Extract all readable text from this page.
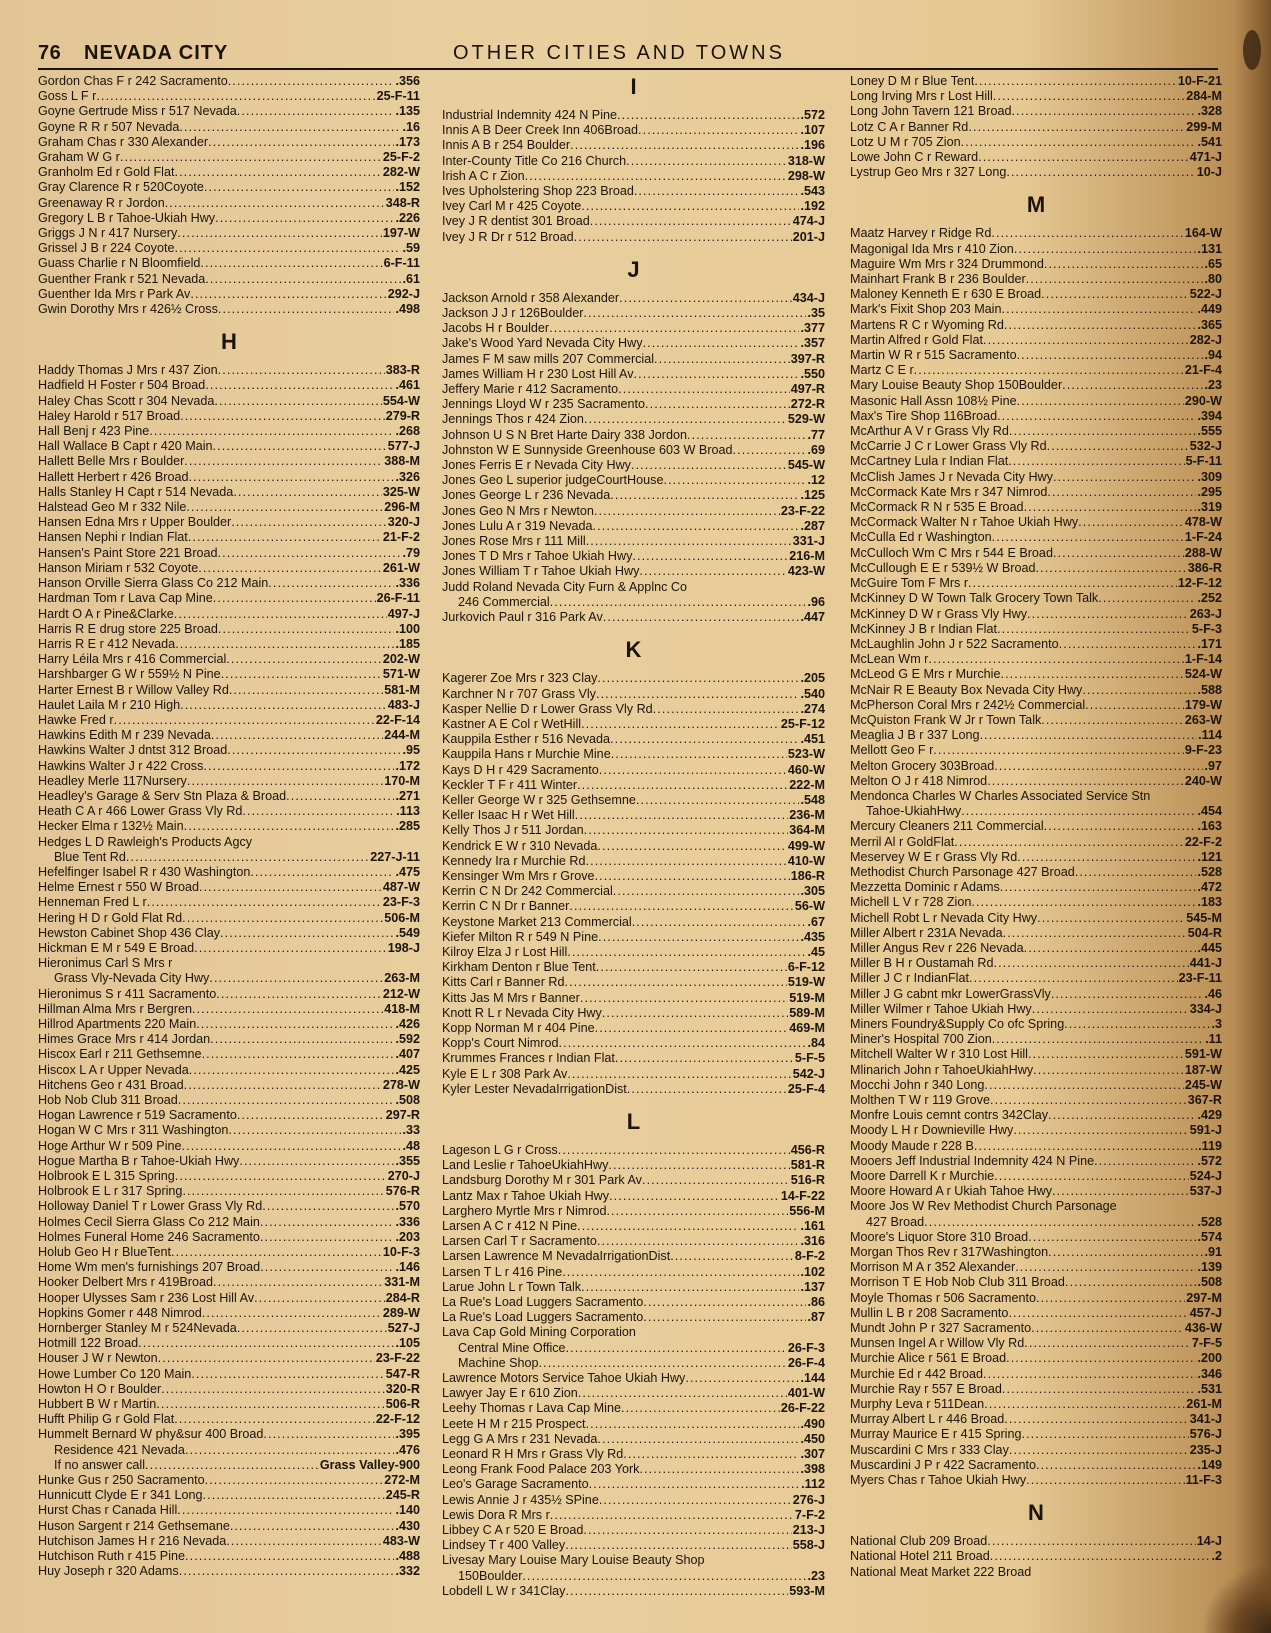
76 NEVADA CITY	OTHER CITIES AND TOWNS
Gordon Chas F r 242 Sacramento . . .	.356
Goss L F r . . .	25-F-11
Goyne Gertrude Miss r 517 Nevada . . .	.135
Goyne R R r 507 Nevada . . .	.16
Graham Chas r 330 Alexander . . .	.173
Graham W G r . . .	25-F-2
Granholm Ed r Gold Flat . . .	282-W
Gray Clarence R r 520Coyote . . .	.152
Greenaway R r Jordon . . .	348-R
Gregory L B r Tahoe-Ukiah Hwy . . .	.226
Griggs J N r 417 Nursery . . .	197-W
Grissel J B r 224 Coyote . . .	.59
Guass Charlie r N Bloomfield . . .	6-F-11
Guenther Frank r 521 Nevada . . .	.61
Guenther Ida Mrs r Park Av . . .	292-J
Gwin Dorothy Mrs r 426½ Cross . . .	.498
H
Haddy Thomas J Mrs r 437 Zion . . .	383-R
Hadfield H Foster r 504 Broad . . .	.461
Haley Chas Scott r 304 Nevada . . .	554-W
Haley Harold r 517 Broad . . .	279-R
Hall Benj r 423 Pine . . .	.268
Hall Wallace B Capt r 420 Main . . .	577-J
Hallett Belle Mrs r Boulder . . .	388-M
Hallett Herbert r 426 Broad . . .	.326
Halls Stanley H Capt r 514 Nevada . . .	325-W
Halstead Geo M r 332 Nile . . .	296-M
Hansen Edna Mrs r Upper Boulder . . .	320-J
Hansen Nephi r Indian Flat . . .	21-F-2
Hansen's Paint Store 221 Broad . . .	.79
Hanson Miriam r 532 Coyote . . .	261-W
Hanson Orville Sierra Glass Co 212 Main . . .	.336
Hardman Tom r Lava Cap Mine . . .	26-F-11
Hardt O A r Pine&Clarke . . .	497-J
Harris R E drug store 225 Broad . . .	.100
Harris R E r 412 Nevada . . .	.185
Harry Léila Mrs r 416 Commercial . . .	202-W
Harshbarger G W r 559½ N Pine . . .	571-W
Harter Ernest B r Willow Valley Rd . . .	581-M
Haulet Laila M r 210 High . . .	483-J
Hawke Fred r . . .	22-F-14
Hawkins Edith M r 239 Nevada . . .	244-M
Hawkins Walter J dntst 312 Broad . . .	.95
Hawkins Walter J r 422 Cross . . .	.172
Headley Merle 117Nursery . . .	170-M
Headley's Garage & Serv Stn Plaza & Broad . . .	.271
Heath C A r 466 Lower Grass Vly Rd . . .	.113
Hecker Elma r 132½ Main . . .	.285
Hedges L D Rawleigh's Products Agcy
Blue Tent Rd . . .	227-J-11
Hefelfinger Isabel R r 430 Washington . . .	.475
Helme Ernest r 550 W Broad . . .	487-W
Henneman Fred L r . . .	23-F-3
Hering H D r Gold Flat Rd . . .	506-M
Hewston Cabinet Shop 436 Clay . . .	.549
Hickman E M r 549 E Broad . . .	198-J
Hieronimus Carl S Mrs r
Grass Vly-Nevada City Hwy . . .	263-M
Hieronimus S r 411 Sacramento . . .	212-W
Hillman Alma Mrs r Bergren . . .	418-M
Hillrod Apartments 220 Main . . .	.426
Himes Grace Mrs r 414 Jordan . . .	.592
Hiscox Earl r 211 Gethsemne . . .	.407
Hiscox L A r Upper Nevada . . .	.425
Hitchens Geo r 431 Broad . . .	278-W
Hob Nob Club 311 Broad . . .	.508
Hogan Lawrence r 519 Sacramento . . .	297-R
Hogan W C Mrs r 311 Washington . . .	.33
Hoge Arthur W r 509 Pine . . .	.48
Hogue Martha B r Tahoe-Ukiah Hwy . . .	.355
Holbrook E L 315 Spring . . .	270-J
Holbrook E L r 317 Spring . . .	576-R
Holloway Daniel T r Lower Grass Vly Rd . . .	.570
Holmes Cecil Sierra Glass Co 212 Main . . .	.336
Holmes Funeral Home 246 Sacramento . . .	.203
Holub Geo H r BlueTent . . .	10-F-3
Home Wm men's furnishings 207 Broad . . .	.146
Hooker Delbert Mrs r 419Broad . . .	331-M
Hooper Ulysses Sam r 236 Lost Hill Av . . .	284-R
Hopkins Gomer r 448 Nimrod . . .	289-W
Hornberger Stanley M r 524Nevada . . .	527-J
Hotmill 122 Broad . . .	.105
Houser J W r Newton . . .	23-F-22
Howe Lumber Co 120 Main . . .	547-R
Howton H O r Boulder . . .	320-R
Hubbert B W r Martin . . .	506-R
Hufft Philip G r Gold Flat . . .	22-F-12
Hummelt Bernard W phy&sur 400 Broad . . .	.395
Residence 421 Nevada . . .	.476
If no answer call . . .	Grass Valley-900
Hunke Gus r 250 Sacramento . . .	272-M
Hunnicutt Clyde E r 341 Long . . .	245-R
Hurst Chas r Canada Hill . . .	.140
Huson Sargent r 214 Gethsemane . . .	.430
Hutchison James H r 216 Nevada . . .	483-W
Hutchison Ruth r 415 Pine . . .	.488
Huy Joseph r 320 Adams . . .	.332
I
Industrial Indemnity 424 N Pine . . .	.572
Innis A B Deer Creek Inn 406Broad . . .	.107
Innis A B r 254 Boulder . . .	.196
Inter-County Title Co 216 Church . . .	318-W
Irish A C r Zion . . .	298-W
Ives Upholstering Shop 223 Broad . . .	.543
Ivey Carl M r 425 Coyote . . .	.192
Ivey J R dentist 301 Broad . . .	474-J
Ivey J R Dr r 512 Broad . . .	201-J
J
Jackson Arnold r 358 Alexander . . .	434-J
Jackson J J r 126Boulder . . .	.35
Jacobs H r Boulder . . .	.377
Jake's Wood Yard Nevada City Hwy . . .	.357
James F M saw mills 207 Commercial . . .	397-R
James William H r 230 Lost Hill Av . . .	.550
Jeffery Marie r 412 Sacramento . . .	497-R
Jennings Lloyd W r 235 Sacramento . . .	272-R
Jennings Thos r 424 Zion . . .	529-W
Johnson U S N Bret Harte Dairy 338 Jordon . . .	.77
Johnston W E Sunnyside Greenhouse 603 W Broad . . .	.69
Jones Ferris E r Nevada City Hwy . . .	545-W
Jones Geo L superior judgeCourtHouse . . .	.12
Jones George L r 236 Nevada . . .	.125
Jones Geo N Mrs r Newton . . .	23-F-22
Jones Lulu A r 319 Nevada . . .	.287
Jones Rose Mrs r 111 Mill . . .	331-J
Jones T D Mrs r Tahoe Ukiah Hwy . . .	216-M
Jones William T r Tahoe Ukiah Hwy . . .	423-W
Judd Roland Nevada City Furn & Applnc Co
246 Commercial . . .	.96
Jurkovich Paul r 316 Park Av . . .	.447
K
Kagerer Zoe Mrs r 323 Clay . . .	.205
Karchner N r 707 Grass Vly . . .	.540
Kasper Nellie D r Lower Grass Vly Rd . . .	.274
Kastner A E Col r WetHill . . .	25-F-12
Kauppila Esther r 516 Nevada . . .	.451
Kauppila Hans r Murchie Mine . . .	523-W
Kays D H r 429 Sacramento . . .	460-W
Keckler T F r 411 Winter . . .	222-M
Keller George W r 325 Gethsemne . . .	.548
Keller Isaac H r Wet Hill . . .	236-M
Kelly Thos J r 511 Jordan . . .	364-M
Kendrick E W r 310 Nevada . . .	499-W
Kennedy Ira r Murchie Rd . . .	410-W
Kensinger Wm Mrs r Grove . . .	186-R
Kerrin C N Dr 242 Commercial . . .	.305
Kerrin C N Dr r Banner . . .	56-W
Keystone Market 213 Commercial . . .	.67
Kiefer Milton R r 549 N Pine . . .	.435
Kilroy Elza J r Lost Hill . . .	.45
Kirkham Denton r Blue Tent . . .	6-F-12
Kitts Carl r Banner Rd . . .	519-W
Kitts Jas M Mrs r Banner . . .	519-M
Knott R L r Nevada City Hwy . . .	589-M
Kopp Norman M r 404 Pine . . .	469-M
Kopp's Court Nimrod . . .	.84
Krummes Frances r Indian Flat . . .	5-F-5
Kyle E L r 308 Park Av . . .	542-J
Kyler Lester NevadaIrrigationDist . . .	25-F-4
L
Lageson L G r Cross . . .	456-R
Land Leslie r TahoeUkiahHwy . . .	581-R
Landsburg Dorothy M r 301 Park Av . . .	516-R
Lantz Max r Tahoe Ukiah Hwy . . .	14-F-22
Larghero Myrtle Mrs r Nimrod . . .	556-M
Larsen A C r 412 N Pine . . .	.161
Larsen Carl T r Sacramento . . .	.316
Larsen Lawrence M NevadaIrrigationDist . . .	8-F-2
Larsen T L r 416 Pine . . .	.102
Larue John L r Town Talk . . .	.137
La Rue's Load Luggers Sacramento . . .	.86
La Rue's Load Luggers Sacramento . . .	.87
Lava Cap Gold Mining Corporation
Central Mine Office . . .	26-F-3
Machine Shop . . .	26-F-4
Lawrence Motors Service Tahoe Ukiah Hwy . . .	.144
Lawyer Jay E r 610 Zion . . .	401-W
Leehy Thomas r Lava Cap Mine . . .	26-F-22
Leete H M r 215 Prospect . . .	.490
Legg G A Mrs r 231 Nevada . . .	.450
Leonard R H Mrs r Grass Vly Rd . . .	.307
Leong Frank Food Palace 203 York . . .	.398
Leo's Garage Sacramento . . .	.112
Lewis Annie J r 435½ SPine . . .	276-J
Lewis Dora R Mrs r . . .	7-F-2
Libbey C A r 520 E Broad . . .	213-J
Lindsey T r 400 Valley . . .	558-J
Livesay Mary Louise Mary Louise Beauty Shop
150Boulder . . .	.23
Lobdell L W r 341Clay . . .	593-M
Loney D M r Blue Tent . . .	10-F-21
Long Irving Mrs r Lost Hill . . .	284-M
Long John Tavern 121 Broad . . .	.328
Lotz C A r Banner Rd . . .	299-M
Lotz U M r 705 Zion . . .	.541
Lowe John C r Reward . . .	471-J
Lystrup Geo Mrs r 327 Long . . .	10-J
M
Maatz Harvey r Ridge Rd . . .	164-W
Magonigal Ida Mrs r 410 Zion . . .	.131
Maguire Wm Mrs r 324 Drummond . . .	.65
Mainhart Frank B r 236 Boulder . . .	.80
Maloney Kenneth E r 630 E Broad . . .	522-J
Mark's Fixit Shop 203 Main . . .	.449
Martens R C r Wyoming Rd . . .	.365
Martin Alfred r Gold Flat . . .	282-J
Martin W R r 515 Sacramento . . .	.94
Martz C E r . . .	21-F-4
Mary Louise Beauty Shop 150Boulder . . .	.23
Masonic Hall Assn 108½ Pine . . .	290-W
Max's Tire Shop 116Broad . . .	.394
McArthur A V r Grass Vly Rd . . .	.555
McCarrie J C r Lower Grass Vly Rd . . .	532-J
McCartney Lula r Indian Flat . . .	5-F-11
McClish James J r Nevada City Hwy . . .	.309
McCormack Kate Mrs r 347 Nimrod . . .	.295
McCormack R N r 535 E Broad . . .	.319
McCormack Walter N r Tahoe Ukiah Hwy . . .	478-W
McCulla Ed r Washington . . .	1-F-24
McCulloch Wm C Mrs r 544 E Broad . . .	288-W
McCullough E E r 539½ W Broad . . .	386-R
McGuire Tom F Mrs r . . .	12-F-12
McKinney D W Town Talk Grocery Town Talk . . .	.252
McKinney D W r Grass Vly Hwy . . .	263-J
McKinney J B r Indian Flat . . .	5-F-3
McLaughlin John J r 522 Sacramento . . .	.171
McLean Wm r . . .	1-F-14
McLeod G E Mrs r Murchie . . .	524-W
McNair R E Beauty Box Nevada City Hwy . . .	.588
McPherson Coral Mrs r 242½ Commercial . . .	179-W
McQuiston Frank W Jr r Town Talk . . .	263-W
Meaglia J B r 337 Long . . .	.114
Mellott Geo F r . . .	9-F-23
Melton Grocery 303Broad . . .	.97
Melton O J r 418 Nimrod . . .	240-W
Mendonca Charles W Charles Associated Service Stn
Tahoe-UkiahHwy . . .	.454
Mercury Cleaners 211 Commercial . . .	.163
Merril Al r GoldFlat . . .	22-F-2
Meservey W E r Grass Vly Rd . . .	.121
Methodist Church Parsonage 427 Broad . . .	.528
Mezzetta Dominic r Adams . . .	.472
Michell L V r 728 Zion . . .	.183
Michell Robt L r Nevada City Hwy . . .	545-M
Miller Albert r 231A Nevada . . .	504-R
Miller Angus Rev r 226 Nevada . . .	.445
Miller B H r Oustamah Rd . . .	441-J
Miller J C r IndianFlat . . .	23-F-11
Miller J G cabnt mkr LowerGrassVly . . .	.46
Miller Wilmer r Tahoe Ukiah Hwy . . .	334-J
Miners Foundry&Supply Co ofc Spring . . .	.3
Miner's Hospital 700 Zion . . .	.11
Mitchell Walter W r 310 Lost Hill . . .	591-W
Mlinarich John r TahoeUkiahHwy . . .	187-W
Mocchi John r 340 Long . . .	245-W
Molthen T W r 119 Grove . . .	367-R
Monfre Louis cemnt contrs 342Clay . . .	.429
Moody L H r Downieville Hwy . . .	591-J
Moody Maude r 228 B . . .	.119
Mooers Jeff Industrial Indemnity 424 N Pine . . .	.572
Moore Darrell K r Murchie . . .	524-J
Moore Howard A r Ukiah Tahoe Hwy . . .	537-J
Moore Jos W Rev Methodist Church Parsonage
427 Broad . . .	.528
Moore's Liquor Store 310 Broad . . .	.574
Morgan Thos Rev r 317Washington . . .	.91
Morrison M A r 352 Alexander . . .	.139
Morrison T E Hob Nob Club 311 Broad . . .	.508
Moyle Thomas r 506 Sacramento . . .	297-M
Mullin L B r 208 Sacramento . . .	457-J
Mundt John P r 327 Sacramento . . .	436-W
Munsen Ingel A r Willow Vly Rd . . .	7-F-5
Murchie Alice r 561 E Broad . . .	.200
Murchie Ed r 442 Broad . . .	.346
Murchie Ray r 557 E Broad . . .	.531
Murphy Leva r 511Dean . . .	261-M
Murray Albert L r 446 Broad . . .	341-J
Murray Maurice E r 415 Spring . . .	576-J
Muscardini C Mrs r 333 Clay . . .	235-J
Muscardini J P r 422 Sacramento . . .	.149
Myers Chas r Tahoe Ukiah Hwy . . .	11-F-3
N
National Club 209 Broad . . .	14-J
National Hotel 211 Broad . . .	.2
National Meat Market 222 Broad
